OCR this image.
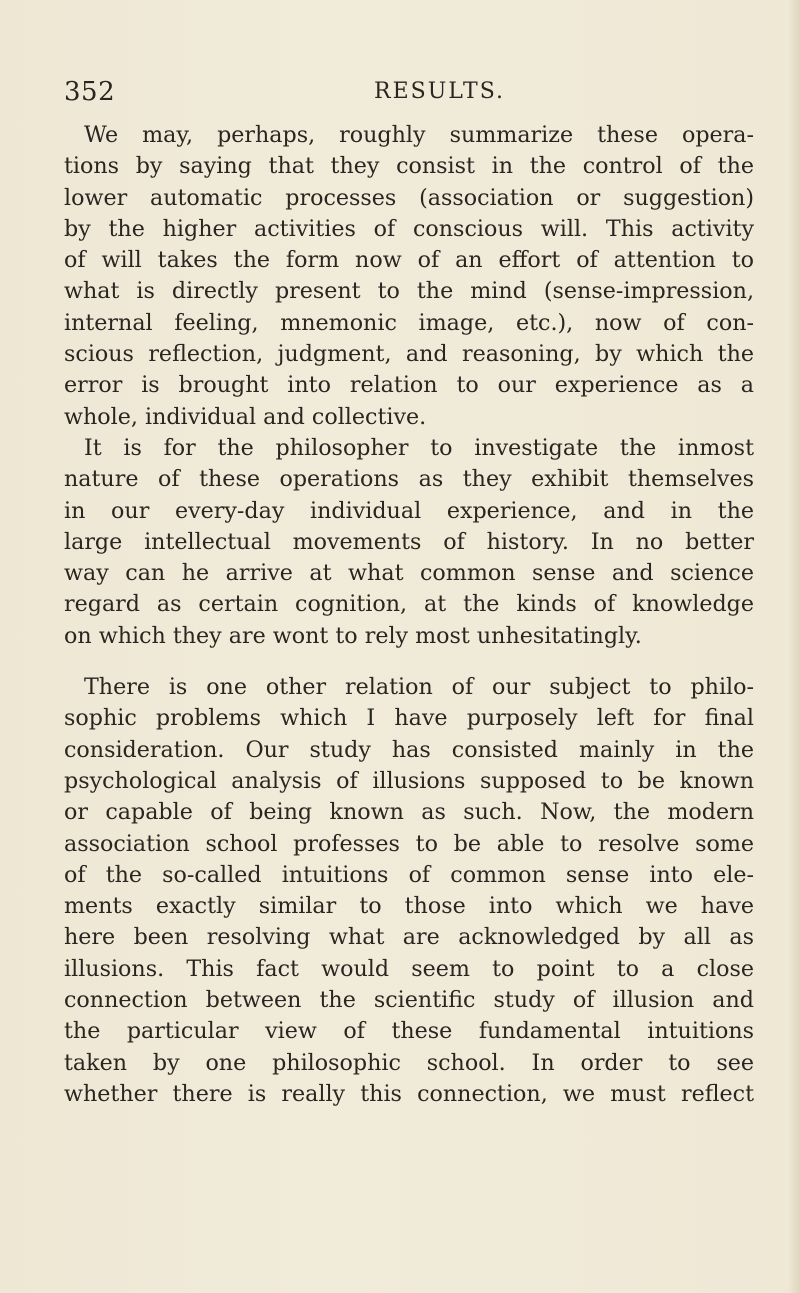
352	RESULTS.
We may, perhaps, roughly summarize these opera-
tions by saying that they consist in the control of the
lower automatic processes (association or suggestion)
by the higher activities of conscious will. This activity
of will takes the form now of an effort of attention to
what is directly present to the mind (sense-impression,
internal feeling, mnemonic image, etc.), now of con-
scious reflection, judgment, and reasoning, by which the
error is brought into relation to our experience as a
whole, individual and collective.
It is for the philosopher to investigate the inmost
nature of these operations as they exhibit themselves
in our every-day individual experience, and in the
large intellectual movements of history. In no better
way can he arrive at what common sense and science
regard as certain cognition, at the kinds of knowledge
on which they are wont to rely most unhesitatingly.
There is one other relation of our subject to philo-
sophic problems which I have purposely left for final
consideration. Our study has consisted mainly in the
psychological analysis of illusions supposed to be known
or capable of being known as such. Now, the modern
association school professes to be able to resolve some
of the so-called intuitions of common sense into ele-
ments exactly similar to those into which we have
here been resolving what are acknowledged by all as
illusions. This fact would seem to point to a close
connection between the scientific study of illusion and
the particular view of these fundamental intuitions
taken by one philosophic school. In order to see
whether there is really this connection, we must reflect
